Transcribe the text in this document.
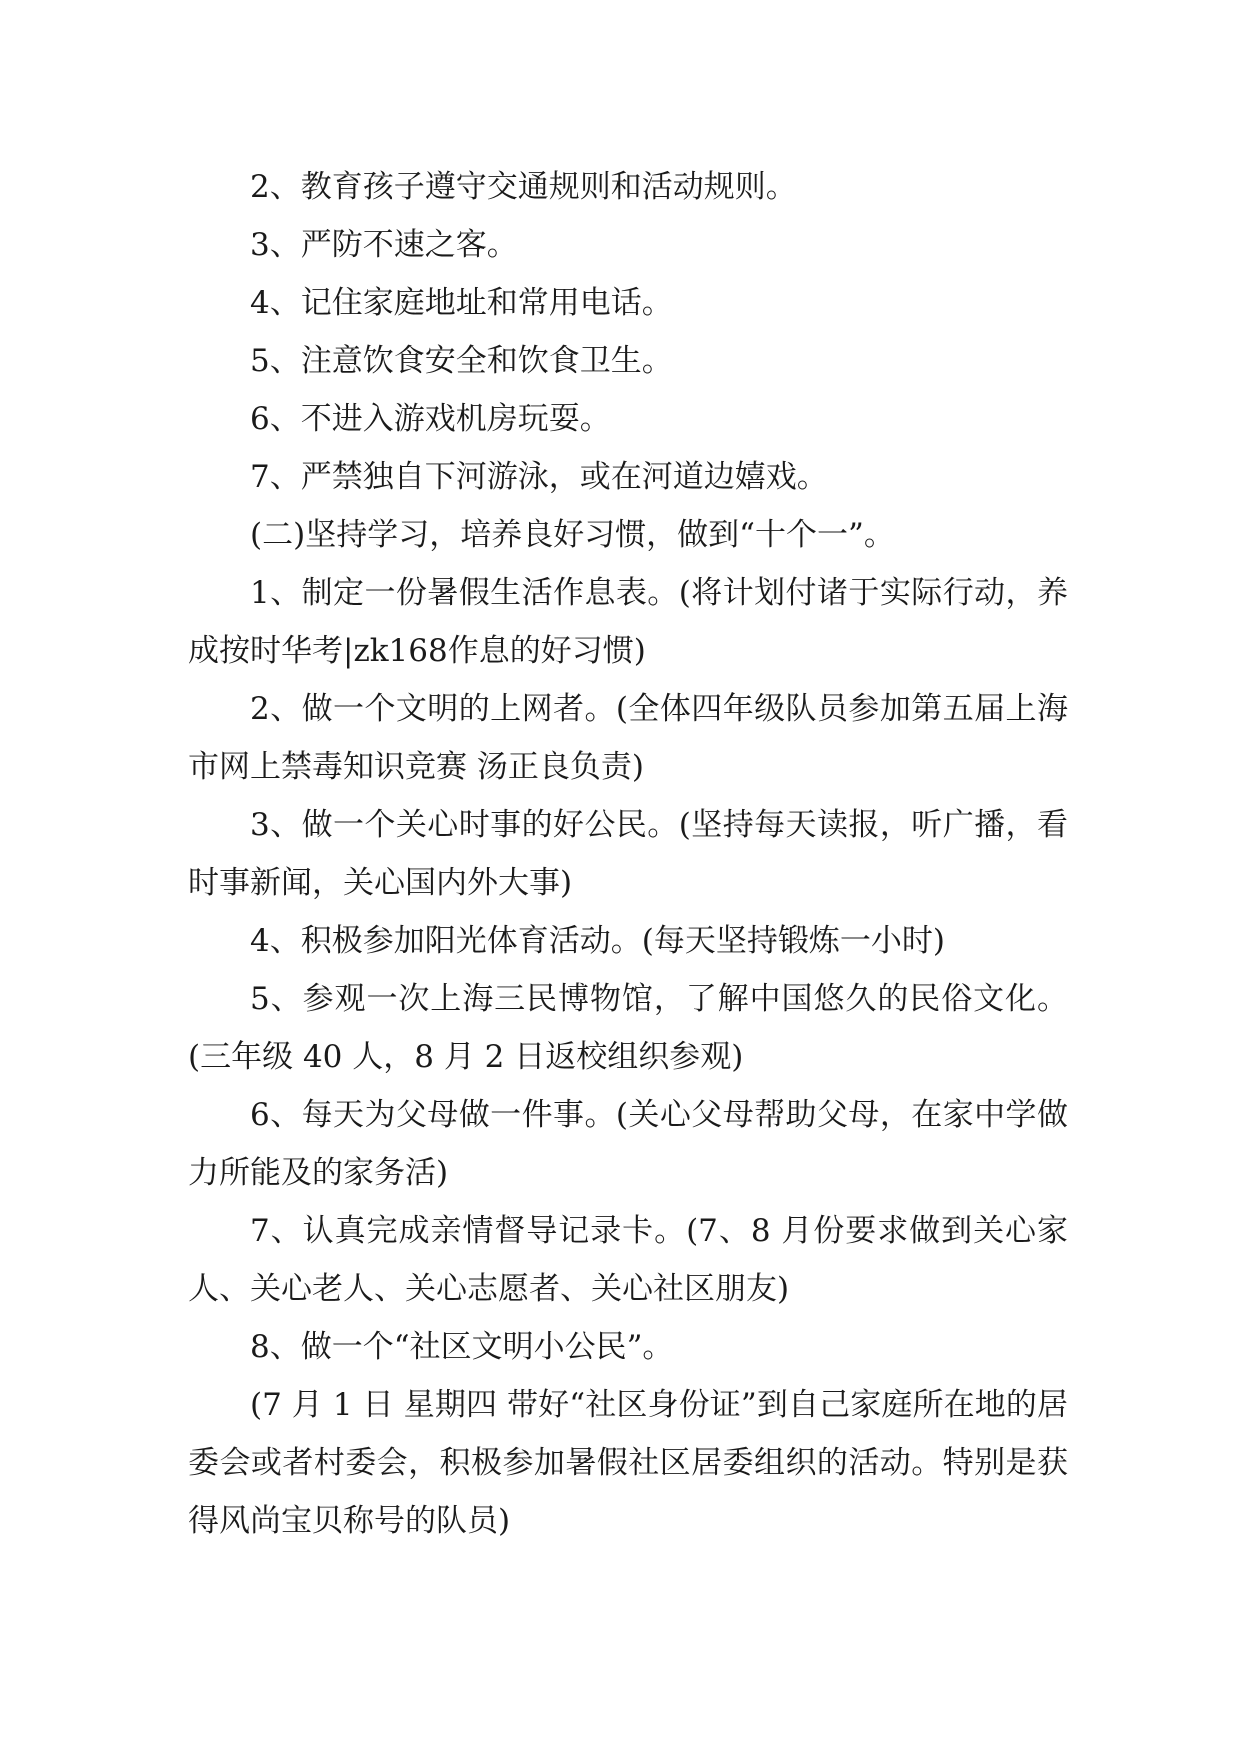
2、教育孩子遵守交通规则和活动规则。

3、严防不速之客。

4、记住家庭地址和常用电话。

5、注意饮食安全和饮食卫生。

6、不进入游戏机房玩耍。

7、严禁独自下河游泳，或在河道边嬉戏。

(二)坚持学习，培养良好习惯，做到“十个一”。

1、制定一份暑假生活作息表。(将计划付诸于实际行动，养成按时华考|zk168作息的好习惯)

2、做一个文明的上网者。(全体四年级队员参加第五届上海市网上禁毒知识竞赛 汤正良负责)

3、做一个关心时事的好公民。(坚持每天读报，听广播，看时事新闻，关心国内外大事)

4、积极参加阳光体育活动。(每天坚持锻炼一小时)

5、参观一次上海三民博物馆，了解中国悠久的民俗文化。(三年级 40 人，8 月 2 日返校组织参观)

6、每天为父母做一件事。(关心父母帮助父母，在家中学做力所能及的家务活)

7、认真完成亲情督导记录卡。(7、8 月份要求做到关心家人、关心老人、关心志愿者、关心社区朋友)

8、做一个“社区文明小公民”。

(7 月 1 日 星期四 带好“社区身份证”到自己家庭所在地的居委会或者村委会，积极参加暑假社区居委组织的活动。特别是获得风尚宝贝称号的队员)
